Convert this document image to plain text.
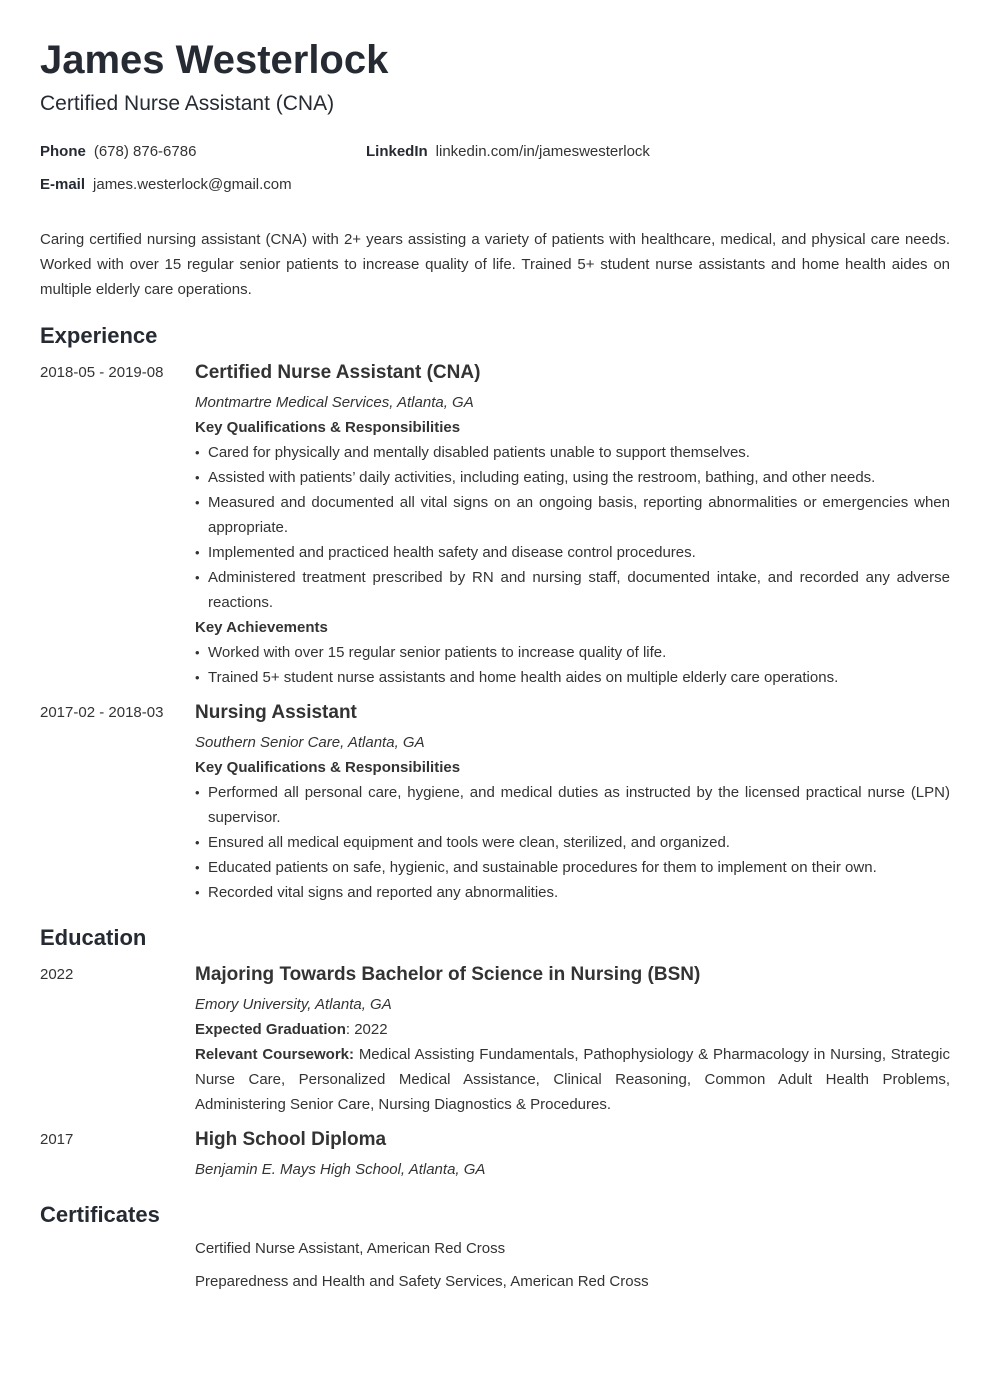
James Westerlock
Certified Nurse Assistant (CNA)
Phone (678) 876-6786	LinkedIn linkedin.com/in/jameswesterlock
E-mail james.westerlock@gmail.com
Caring certified nursing assistant (CNA) with 2+ years assisting a variety of patients with healthcare, medical, and physical care needs. Worked with over 15 regular senior patients to increase quality of life. Trained 5+ student nurse assistants and home health aides on multiple elderly care operations.
Experience
2018-05 - 2019-08 Certified Nurse Assistant (CNA)
Montmartre Medical Services, Atlanta, GA
Key Qualifications & Responsibilities
• Cared for physically and mentally disabled patients unable to support themselves.
• Assisted with patients’ daily activities, including eating, using the restroom, bathing, and other needs.
• Measured and documented all vital signs on an ongoing basis, reporting abnormalities or emergencies when appropriate.
• Implemented and practiced health safety and disease control procedures.
• Administered treatment prescribed by RN and nursing staff, documented intake, and recorded any adverse reactions.
Key Achievements
• Worked with over 15 regular senior patients to increase quality of life.
• Trained 5+ student nurse assistants and home health aides on multiple elderly care operations.
2017-02 - 2018-03 Nursing Assistant
Southern Senior Care, Atlanta, GA
Key Qualifications & Responsibilities
• Performed all personal care, hygiene, and medical duties as instructed by the licensed practical nurse (LPN) supervisor.
• Ensured all medical equipment and tools were clean, sterilized, and organized.
• Educated patients on safe, hygienic, and sustainable procedures for them to implement on their own.
• Recorded vital signs and reported any abnormalities.
Education
2022	Majoring Towards Bachelor of Science in Nursing (BSN)
Emory University, Atlanta, GA
Expected Graduation: 2022
Relevant Coursework: Medical Assisting Fundamentals, Pathophysiology & Pharmacology in Nursing, Strategic Nurse Care, Personalized Medical Assistance, Clinical Reasoning, Common Adult Health Problems, Administering Senior Care, Nursing Diagnostics & Procedures.
2017	High School Diploma
Benjamin E. Mays High School, Atlanta, GA
Certificates
Certified Nurse Assistant, American Red Cross
Preparedness and Health and Safety Services, American Red Cross
